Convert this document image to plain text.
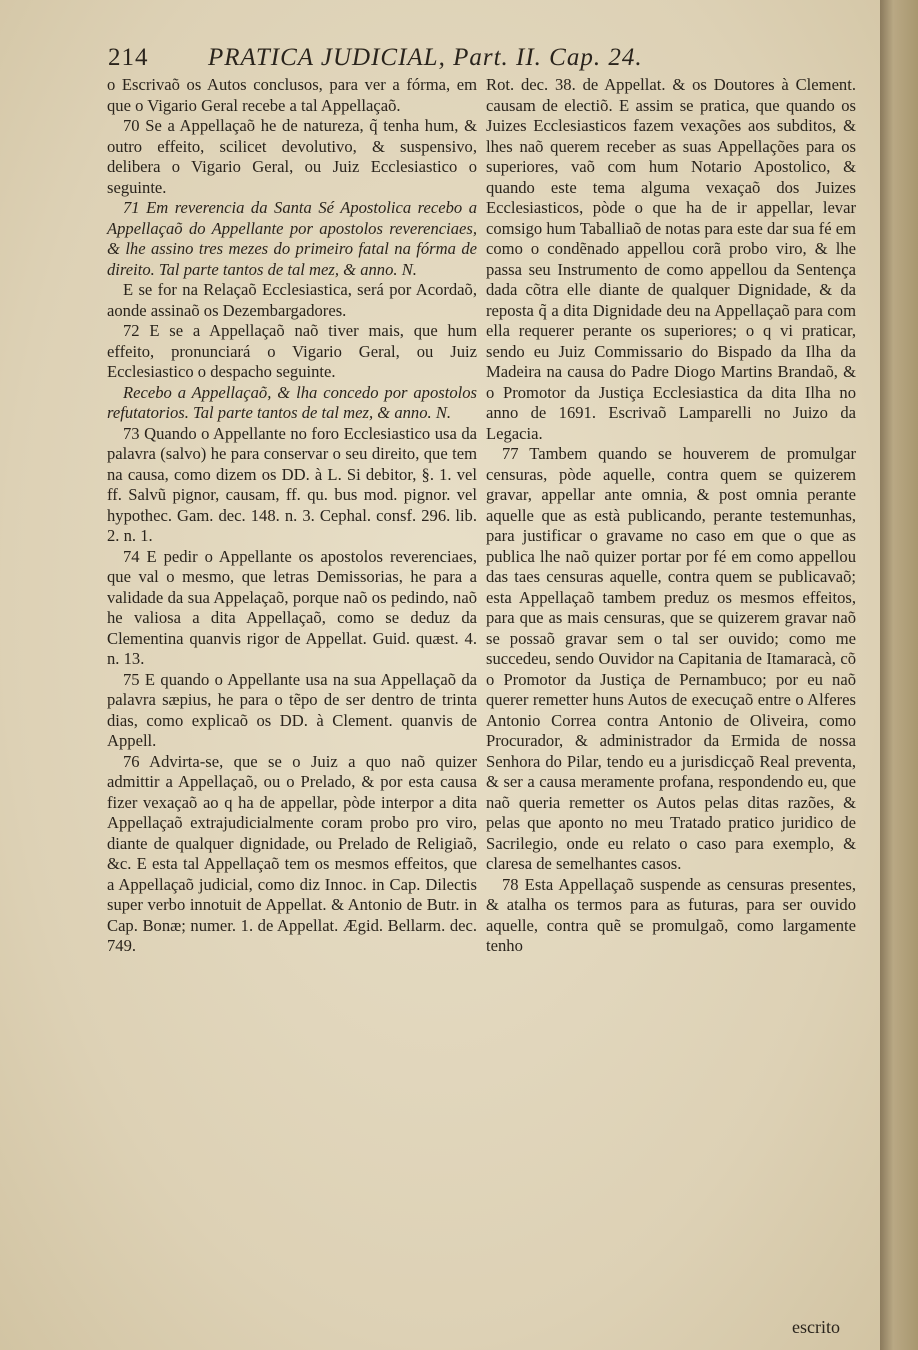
214 PRATICA JUDICIAL, Part. II. Cap. 24.

o Escrivaõ os Autos conclusos, para ver a fórma, em que o Vigario Geral recebe a tal Appellaçaõ.

70 Se a Appellaçaõ he de natureza, q̃ tenha hum, & outro effeito, scilicet devolutivo, & suspensivo, delibera o Vigario Geral, ou Juiz Ecclesiastico o seguinte.

71 Em reverencia da Santa Sé Apostolica recebo a Appellaçaõ do Appellante por apostolos reverenciaes, & lhe assino tres mezes do primeiro fatal na fórma de direito. Tal parte tantos de tal mez, & anno. N.

E se for na Relaçaõ Ecclesiastica, será por Acordaõ, aonde assinaõ os Dezembargadores.

72 E se a Appellaçaõ naõ tiver mais, que hum effeito, pronunciará o Vigario Geral, ou Juiz Ecclesiastico o despacho seguinte.

Recebo a Appellaçaõ, & lha concedo por apostolos refutatorios. Tal parte tantos de tal mez, & anno. N.

73 Quando o Appellante no foro Ecclesiastico usa da palavra (salvo) he para conservar o seu direito, que tem na causa, como dizem os DD. à L. Si debitor, §. 1. vel ff. Salvũ pignor, causam, ff. qu. bus mod. pignor. vel hypothec. Gam. dec. 148. n. 3. Cephal. consf. 296. lib. 2. n. 1.

74 E pedir o Appellante os apostolos reverenciaes, que val o mesmo, que letras Demissorias, he para a validade da sua Appelaçaõ, porque naõ os pedindo, naõ he valiosa a dita Appellaçaõ, como se deduz da Clementina quanvis rigor de Appellat. Guid. quæst. 4. n. 13.

75 E quando o Appellante usa na sua Appellaçaõ da palavra sæpius, he para o tẽpo de ser dentro de trinta dias, como explicaõ os DD. à Clement. quanvis de Appell.

76 Advirta-se, que se o Juiz a quo naõ quizer admittir a Appellaçaõ, ou o Prelado, & por esta causa fizer vexaçaõ ao q ha de appellar, pòde interpor a dita Appellaçaõ extrajudicialmente coram probo pro viro, diante de qualquer dignidade, ou Prelado de Religiaõ, &c. E esta tal Appellaçaõ tem os mesmos effeitos, que a Appellaçaõ judicial, como diz Innoc. in Cap. Dilectis super verbo innotuit de Appellat. & Antonio de Butr. in Cap. Bonæ; numer. 1. de Appellat. Ægid. Bellarm. dec. 749.

Rot. dec. 38. de Appellat. & os Doutores à Clement. causam de electiõ. E assim se pratica, que quando os Juizes Ecclesiasticos fazem vexações aos subditos, & lhes naõ querem receber as suas Appellações para os superiores, vaõ com hum Notario Apostolico, & quando este tema alguma vexaçaõ dos Juizes Ecclesiasticos, pòde o que ha de ir appellar, levar comsigo hum Taballiaõ de notas para este dar sua fé em como o condẽnado appellou corã probo viro, & lhe passa seu Instrumento de como appellou da Sentença dada cõtra elle diante de qualquer Dignidade, & da reposta q̃ a dita Dignidade deu na Appellaçaõ para com ella requerer perante os superiores; o q vi praticar, sendo eu Juiz Commissario do Bispado da Ilha da Madeira na causa do Padre Diogo Martins Brandaõ, & o Promotor da Justiça Ecclesiastica da dita Ilha no anno de 1691. Escrivaõ Lamparelli no Juizo da Legacia.

77 Tambem quando se houverem de promulgar censuras, pòde aquelle, contra quem se quizerem gravar, appellar ante omnia, & post omnia perante aquelle que as està publicando, perante testemunhas, para justificar o gravame no caso em que o que as publica lhe naõ quizer portar por fé em como appellou das taes censuras aquelle, contra quem se publicavaõ; esta Appellaçaõ tambem preduz os mesmos effeitos, para que as mais censuras, que se quizerem gravar naõ se possaõ gravar sem o tal ser ouvido; como me succedeu, sendo Ouvidor na Capitania de Itamaracà, cõ o Promotor da Justiça de Pernambuco; por eu naõ querer remetter huns Autos de execuçaõ entre o Alferes Antonio Correa contra Antonio de Oliveira, como Procurador, & administrador da Ermida de nossa Senhora do Pilar, tendo eu a jurisdicçaõ Real preventa, & ser a causa meramente profana, respondendo eu, que naõ queria remetter os Autos pelas ditas razões, & pelas que aponto no meu Tratado pratico juridico de Sacrilegio, onde eu relato o caso para exemplo, & claresa de semelhantes casos.

78 Esta Appellaçaõ suspende as censuras presentes, & atalha os termos para as futuras, para ser ouvido aquelle, contra quẽ se promulgaõ, como largamente tenho

escrito
